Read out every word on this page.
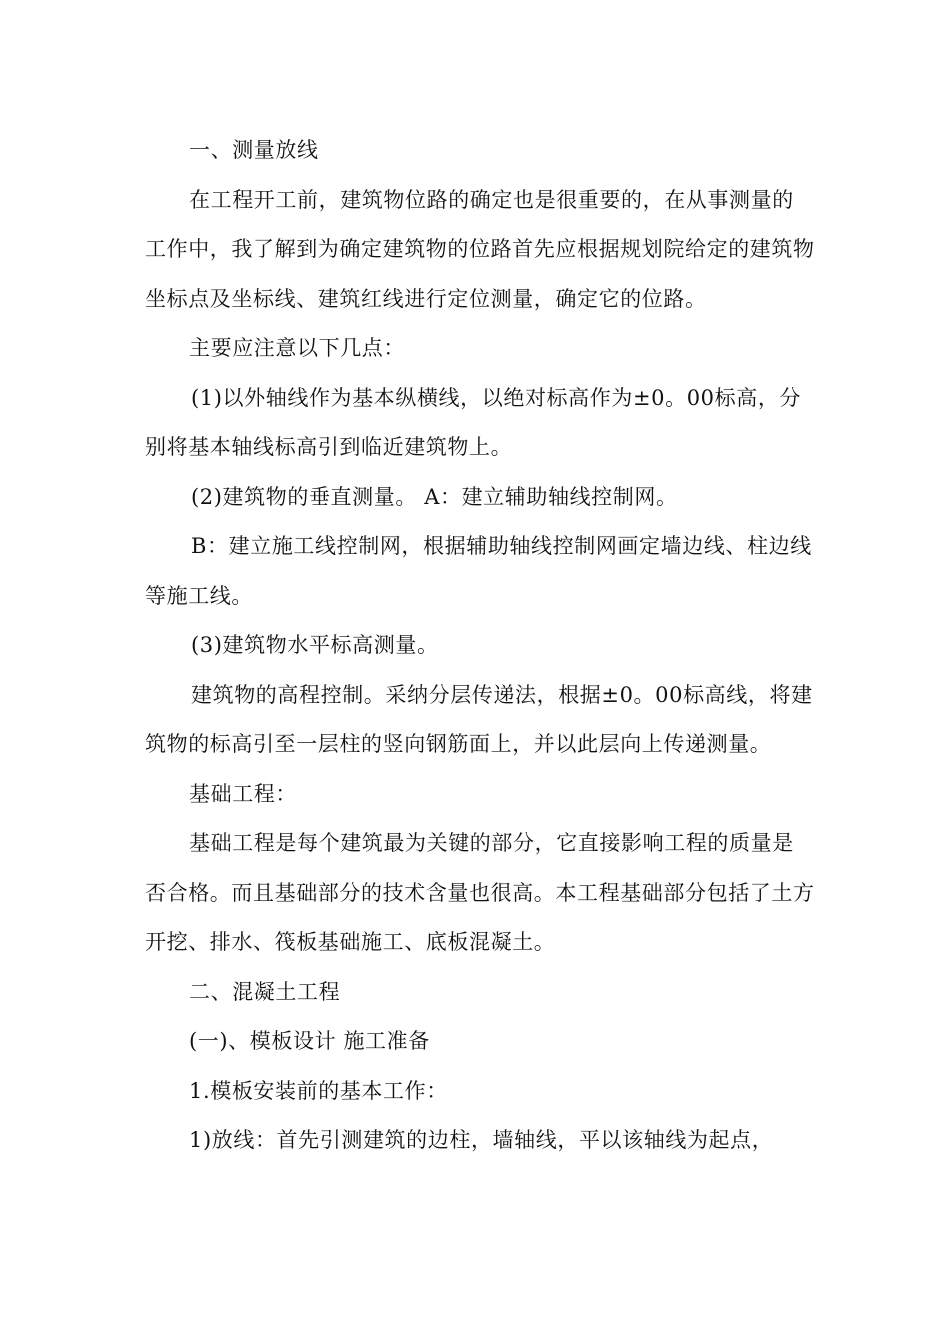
一、测量放线

在工程开工前，建筑物位路的确定也是很重要的，在从事测量的工作中，我了解到为确定建筑物的位路首先应根据规划院给定的建筑物坐标点及坐标线、建筑红线进行定位测量，确定它的位路。

主要应注意以下几点：

(1)以外轴线作为基本纵横线，以绝对标高作为±0。00标高，分别将基本轴线标高引到临近建筑物上。

(2)建筑物的垂直测量。 A：建立辅助轴线控制网。

B：建立施工线控制网，根据辅助轴线控制网画定墙边线、柱边线等施工线。

(3)建筑物水平标高测量。

建筑物的高程控制。采纳分层传递法，根据±0。00标高线，将建筑物的标高引至一层柱的竖向钢筋面上，并以此层向上传递测量。

基础工程：

基础工程是每个建筑最为关键的部分，它直接影响工程的质量是否合格。而且基础部分的技术含量也很高。本工程基础部分包括了土方开挖、排水、筏板基础施工、底板混凝土。

二、混凝土工程

(一)、模板设计 施工准备

1.模板安装前的基本工作：

1)放线：首先引测建筑的边柱，墙轴线，平以该轴线为起点，
